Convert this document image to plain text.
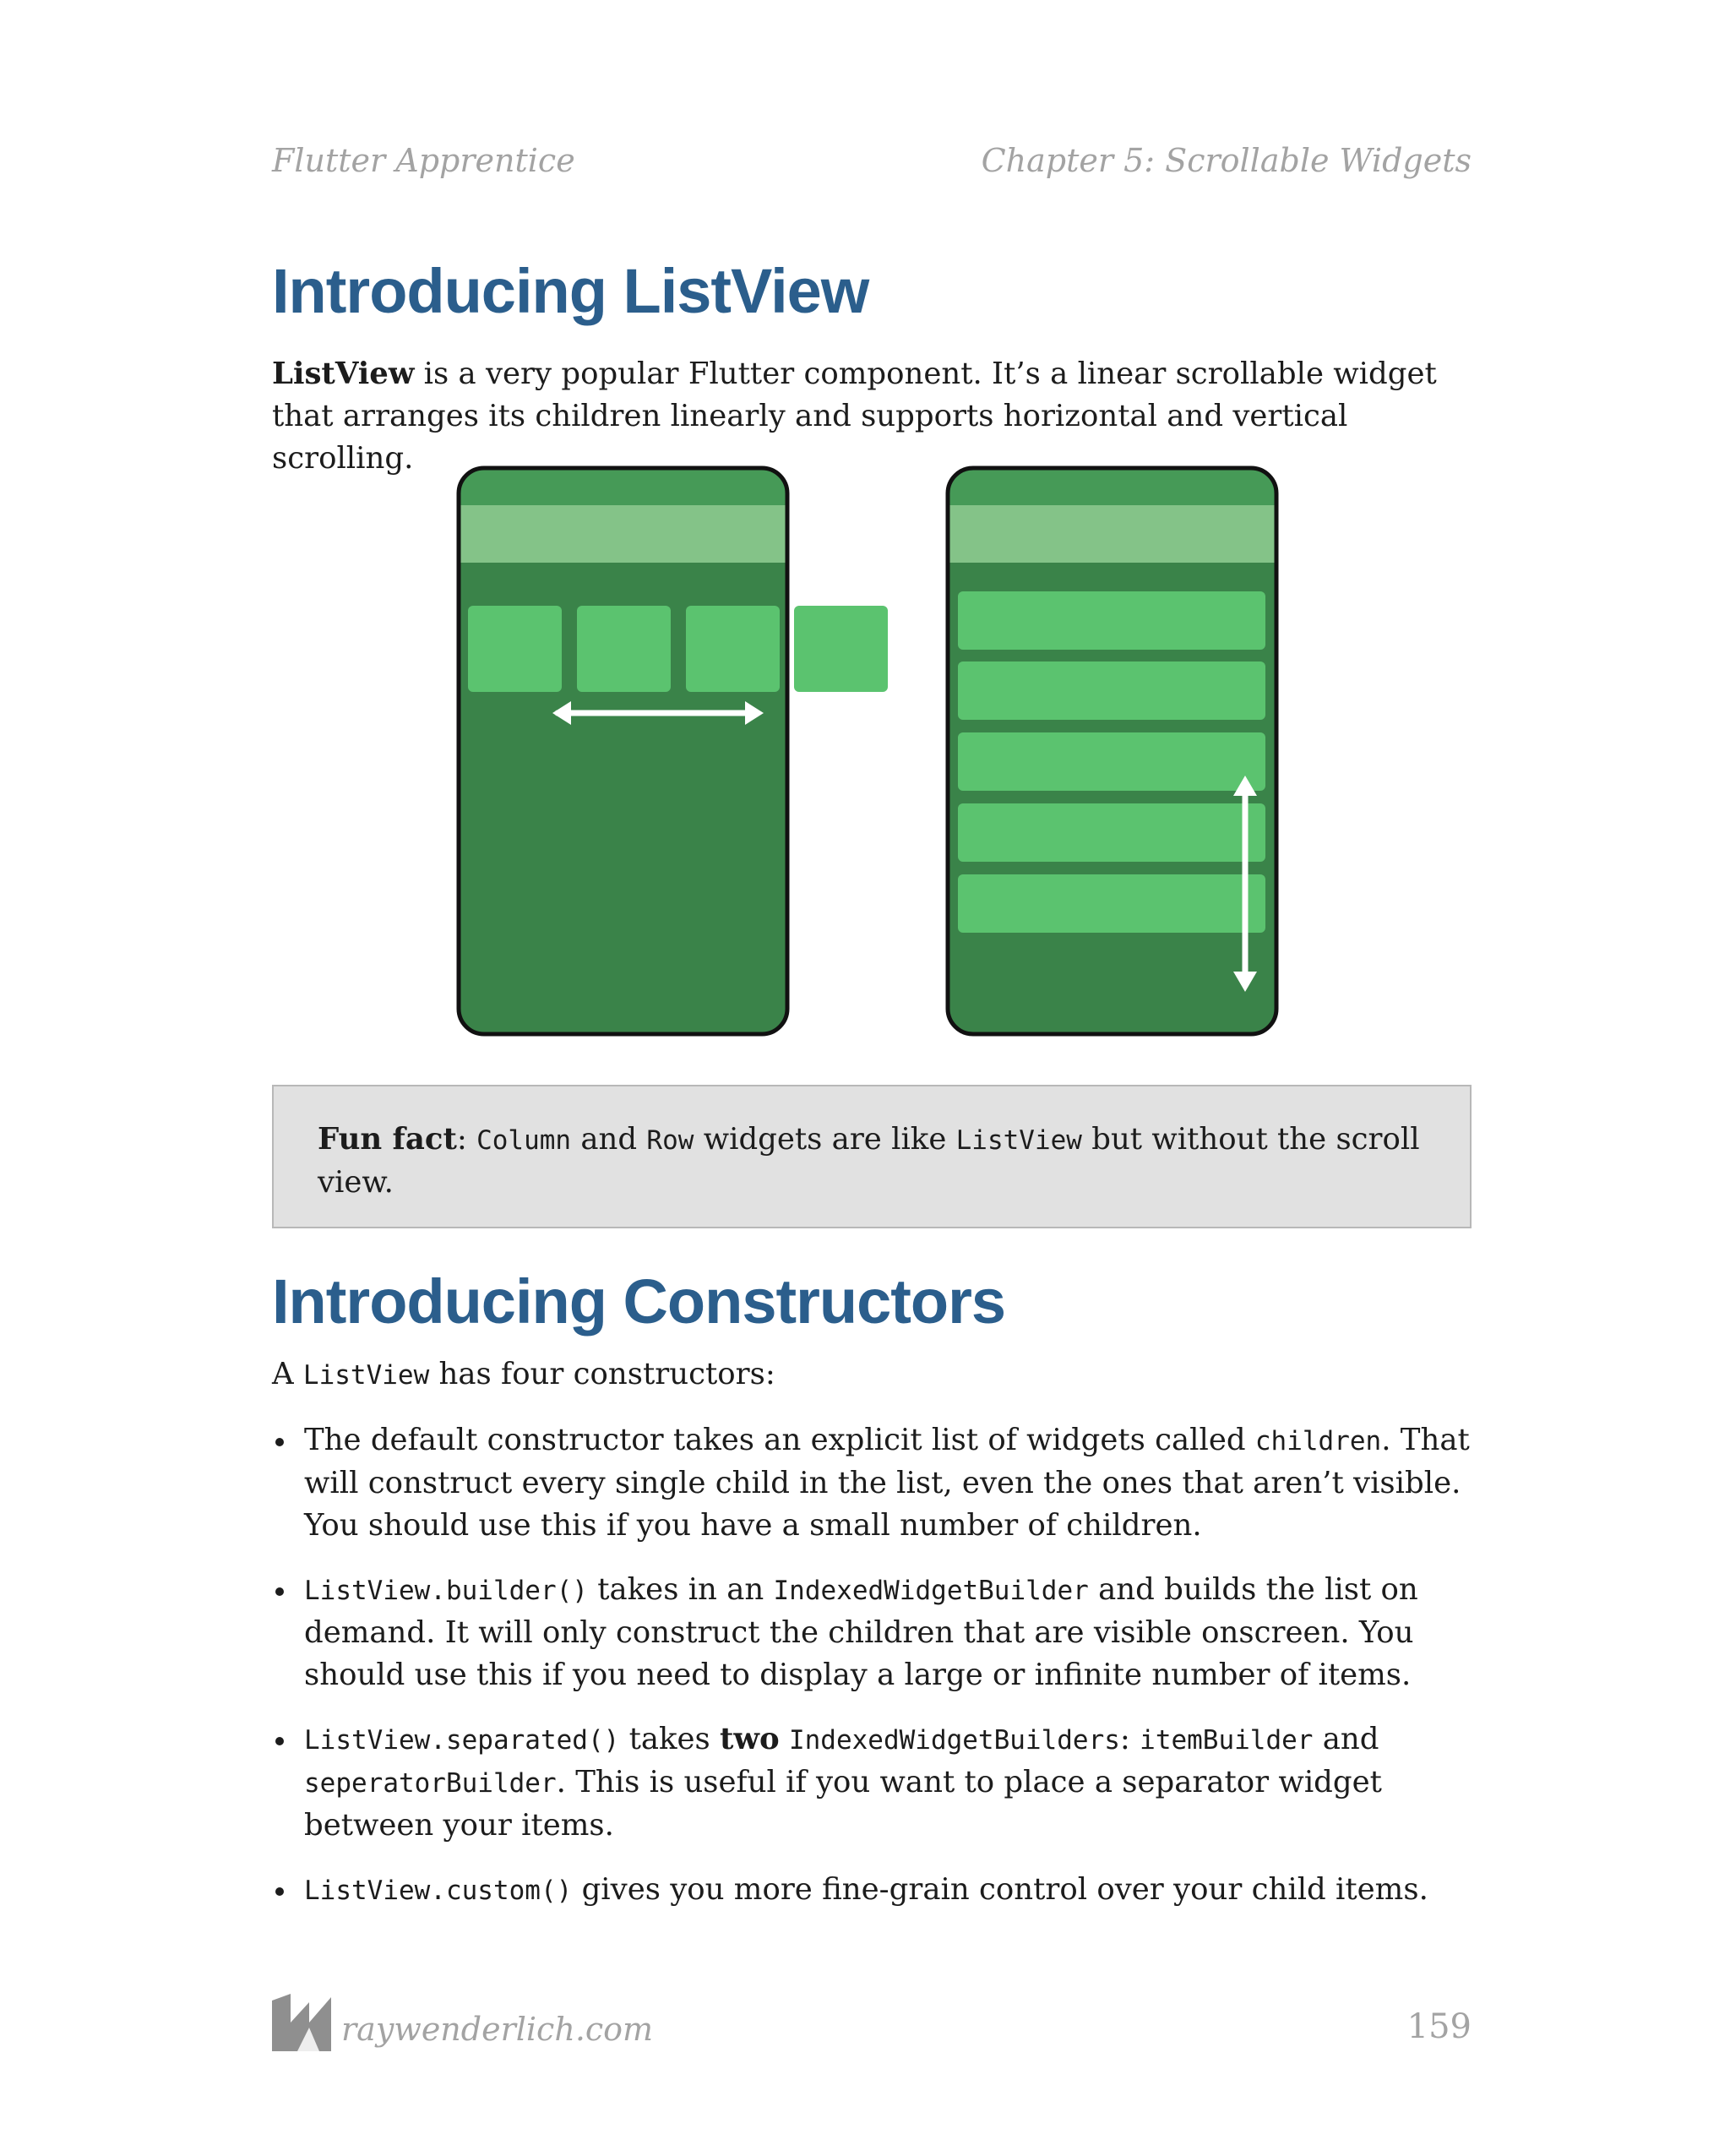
Flutter Apprentice	Chapter 5: Scrollable Widgets
Introducing ListView

ListView is a very popular Flutter component. It’s a linear scrollable widget that arranges its children linearly and supports horizontal and vertical scrolling.

Fun fact: Column and Row widgets are like ListView but without the scroll view.
Introducing Constructors

A ListView has four constructors:

The default constructor takes an explicit list of widgets called children. That will construct every single child in the list, even the ones that aren’t visible. You should use this if you have a small number of children.
ListView.builder() takes in an IndexedWidgetBuilder and builds the list on demand. It will only construct the children that are visible onscreen. You should use this if you need to display a large or infinite number of items.
ListView.separated() takes two IndexedWidgetBuilders: itemBuilder and seperatorBuilder. This is useful if you want to place a separator widget between your items.
ListView.custom() gives you more fine-grain control over your child items.
raywenderlich.com	159
